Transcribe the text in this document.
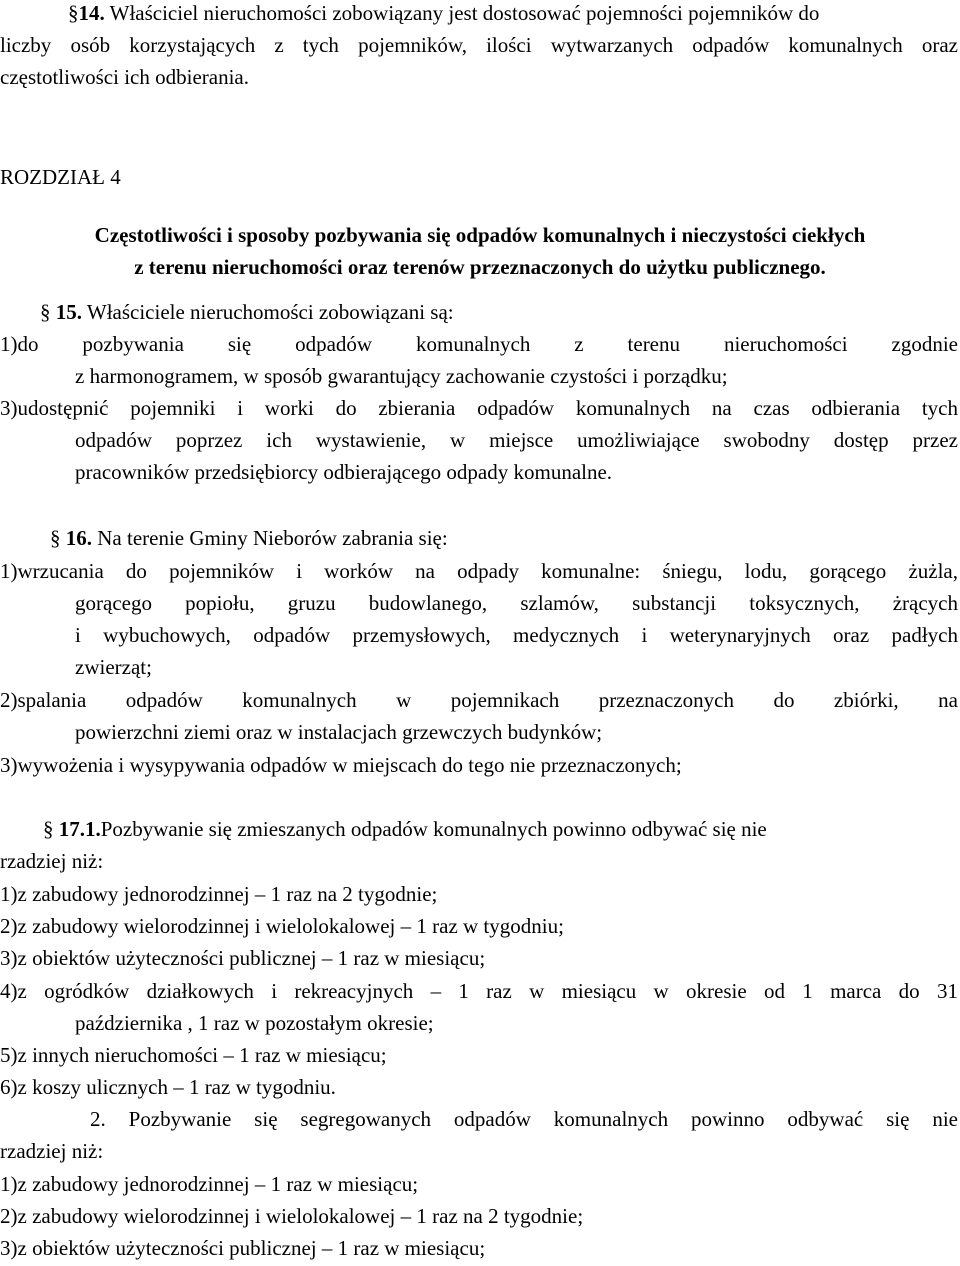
§14. Właściciel nieruchomości zobowiązany jest dostosować pojemności pojemników do
liczby osób korzystających z tych pojemników, ilości wytwarzanych odpadów komunalnych oraz
częstotliwości ich odbierania.
ROZDZIAŁ 4
Częstotliwości i sposoby pozbywania się odpadów komunalnych i nieczystości ciekłych
z terenu nieruchomości oraz terenów przeznaczonych do użytku publicznego.
§ 15. Właściciele nieruchomości zobowiązani są:
1)do pozbywania się odpadów komunalnych z terenu nieruchomości zgodnie
z harmonogramem, w sposób gwarantujący zachowanie czystości i porządku;
3)udostępnić pojemniki i worki do zbierania odpadów komunalnych na czas odbierania tych
odpadów poprzez ich wystawienie, w miejsce umożliwiające swobodny dostęp przez
pracowników przedsiębiorcy odbierającego odpady komunalne.
§ 16. Na terenie Gminy Nieborów zabrania się:
1)wrzucania do pojemników i worków na odpady komunalne: śniegu, lodu, gorącego żużla,
gorącego popiołu, gruzu budowlanego, szlamów, substancji toksycznych, żrących
i wybuchowych, odpadów przemysłowych, medycznych i weterynaryjnych oraz padłych
zwierząt;
2)spalania odpadów komunalnych w pojemnikach przeznaczonych do zbiórki, na
powierzchni ziemi oraz w instalacjach grzewczych budynków;
3)wywożenia i wysypywania odpadów w miejscach do tego nie przeznaczonych;
§ 17.1.Pozbywanie się zmieszanych odpadów komunalnych powinno odbywać się nie
rzadziej niż:
1)z zabudowy jednorodzinnej – 1 raz na 2 tygodnie;
2)z zabudowy wielorodzinnej i wielolokalowej – 1 raz w tygodniu;
3)z obiektów użyteczności publicznej – 1 raz w miesiącu;
4)z ogródków działkowych i rekreacyjnych – 1 raz w miesiącu w okresie od 1 marca do 31
października , 1 raz w pozostałym okresie;
5)z innych nieruchomości – 1 raz w miesiącu;
6)z koszy ulicznych – 1 raz w tygodniu.
2. Pozbywanie się segregowanych odpadów komunalnych powinno odbywać się nie
rzadziej niż:
1)z zabudowy jednorodzinnej – 1 raz w miesiącu;
2)z zabudowy wielorodzinnej i wielolokalowej – 1 raz na 2 tygodnie;
3)z obiektów użyteczności publicznej – 1 raz w miesiącu;
